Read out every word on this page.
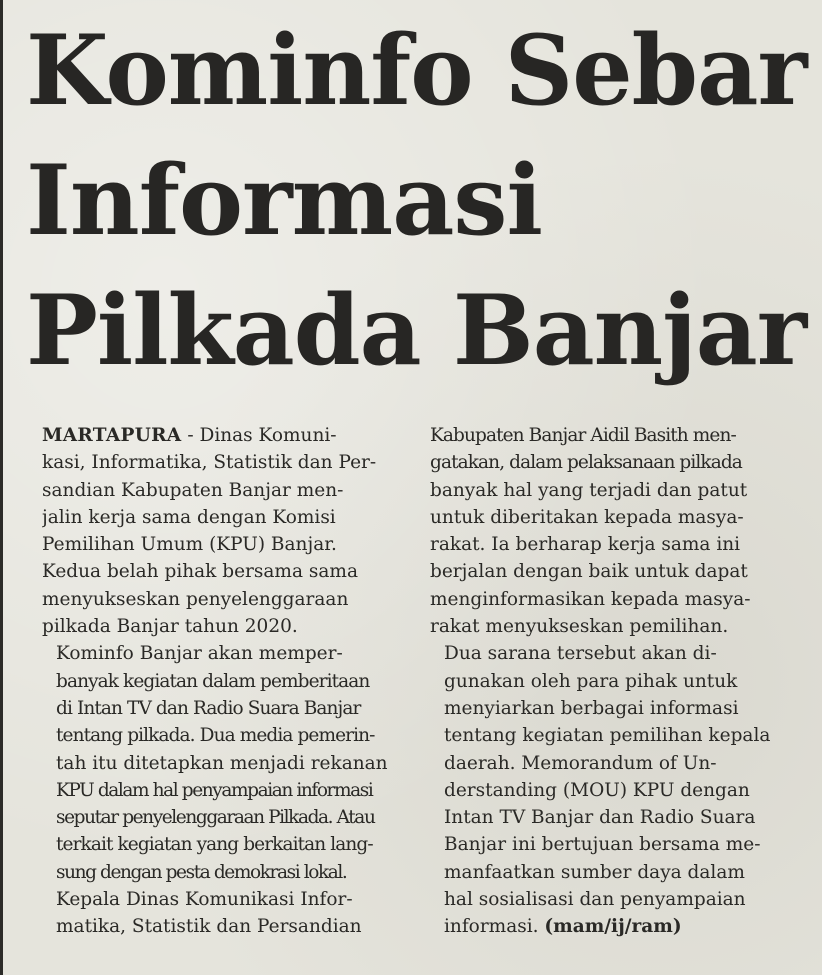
Kominfo Sebar
Informasi
Pilkada Banjar

MARTAPURA - Dinas Komuni-
kasi, Informatika, Statistik dan Per-
sandian Kabupaten Banjar men-
jalin kerja sama dengan Komisi
Pemilihan Umum (KPU) Banjar.
Kedua belah pihak bersama sama
menyukseskan penyelenggaraan
pilkada Banjar tahun 2020.

Kominfo Banjar akan memper-
banyak kegiatan dalam pemberitaan
di Intan TV dan Radio Suara Banjar
tentang pilkada. Dua media pemerin-
tah itu ditetapkan menjadi rekanan
KPU dalam hal penyampaian informasi
seputar penyelenggaraan Pilkada. Atau
terkait kegiatan yang berkaitan lang-
sung dengan pesta demokrasi lokal.

Kepala Dinas Komunikasi Infor-
matika, Statistik dan Persandian

Kabupaten Banjar Aidil Basith men-
gatakan, dalam pelaksanaan pilkada
banyak hal yang terjadi dan patut
untuk diberitakan kepada masya-
rakat. Ia berharap kerja sama ini
berjalan dengan baik untuk dapat
menginformasikan kepada masya-
rakat menyukseskan pemilihan.

Dua sarana tersebut akan di-
gunakan oleh para pihak untuk
menyiarkan berbagai informasi
tentang kegiatan pemilihan kepala
daerah. Memorandum of Un-
derstanding (MOU) KPU dengan
Intan TV Banjar dan Radio Suara
Banjar ini bertujuan bersama me-
manfaatkan sumber daya dalam
hal sosialisasi dan penyampaian
informasi. (mam/ij/ram)
